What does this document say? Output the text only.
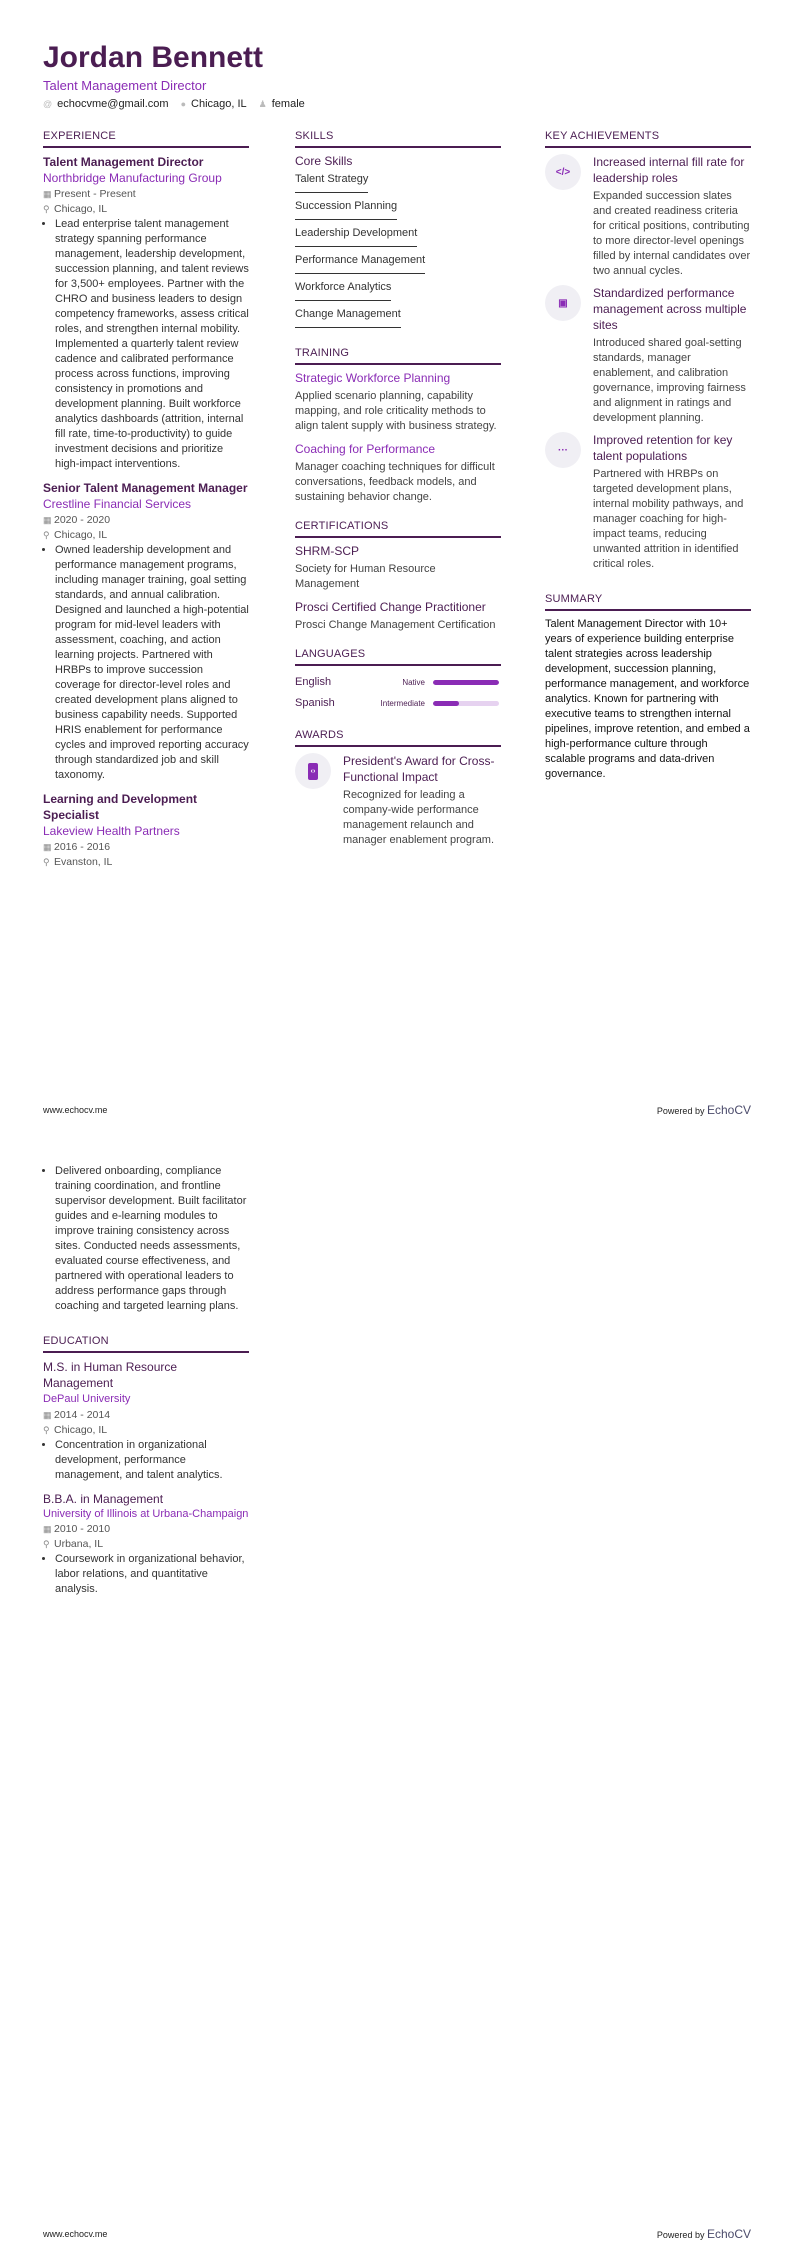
Jordan Bennett
Talent Management Director
@ echocvme@gmail.com ● Chicago, IL ♟ female
EXPERIENCE
Talent Management Director
Northbridge Manufacturing Group
▦ Present - Present
⚲ Chicago, IL
• Lead enterprise talent management strategy spanning performance management, leadership development, succession planning, and talent reviews for 3,500+ employees. Partner with the CHRO and business leaders to design competency frameworks, assess critical roles, and strengthen internal mobility. Implemented a quarterly talent review cadence and calibrated performance process across functions, improving consistency in promotions and development planning. Built workforce analytics dashboards (attrition, internal fill rate, time-to-productivity) to guide investment decisions and prioritize high-impact interventions.
Senior Talent Management Manager
Crestline Financial Services
▦ 2020 - 2020
⚲ Chicago, IL
• Owned leadership development and performance management programs, including manager training, goal setting standards, and annual calibration. Designed and launched a high-potential program for mid-level leaders with assessment, coaching, and action learning projects. Partnered with HRBPs to improve succession coverage for director-level roles and created development plans aligned to business capability needs. Supported HRIS enablement for performance cycles and improved reporting accuracy through standardized job and skill taxonomy.
Learning and Development Specialist
Lakeview Health Partners
▦ 2016 - 2016
⚲ Evanston, IL
SKILLS
Core Skills
Talent Strategy
Succession Planning
Leadership Development
Performance Management
Workforce Analytics
Change Management
TRAINING
Strategic Workforce Planning
Applied scenario planning, capability mapping, and role criticality methods to align talent supply with business strategy.
Coaching for Performance
Manager coaching techniques for difficult conversations, feedback models, and sustaining behavior change.
CERTIFICATIONS
SHRM-SCP
Society for Human Resource Management
Prosci Certified Change Practitioner
Prosci Change Management Certification
LANGUAGES
English	Native
Spanish	Intermediate
AWARDS
‹›
President's Award for Cross-Functional Impact
Recognized for leading a company-wide performance management relaunch and manager enablement program.
KEY ACHIEVEMENTS
</>
Increased internal fill rate for leadership roles
Expanded succession slates and created readiness criteria for critical positions, contributing to more director-level openings filled by internal candidates over two annual cycles.
▣
Standardized performance management across multiple sites
Introduced shared goal-setting standards, manager enablement, and calibration governance, improving fairness and alignment in ratings and development planning.
···
Improved retention for key talent populations
Partnered with HRBPs on targeted development plans, internal mobility pathways, and manager coaching for high-impact teams, reducing unwanted attrition in identified critical roles.
SUMMARY
Talent Management Director with 10+ years of experience building enterprise talent strategies across leadership development, succession planning, performance management, and workforce analytics. Known for partnering with executive teams to strengthen internal pipelines, improve retention, and embed a high-performance culture through scalable programs and data-driven governance.
www.echocv.me	Powered by EchoCV
• Delivered onboarding, compliance training coordination, and frontline supervisor development. Built facilitator guides and e-learning modules to improve training consistency across sites. Conducted needs assessments, evaluated course effectiveness, and partnered with operational leaders to address performance gaps through coaching and targeted learning plans.
EDUCATION
M.S. in Human Resource Management
DePaul University
▦ 2014 - 2014
⚲ Chicago, IL
• Concentration in organizational development, performance management, and talent analytics.
B.B.A. in Management
University of Illinois at Urbana-Champaign
▦ 2010 - 2010
⚲ Urbana, IL
• Coursework in organizational behavior, labor relations, and quantitative analysis.
www.echocv.me	Powered by EchoCV
